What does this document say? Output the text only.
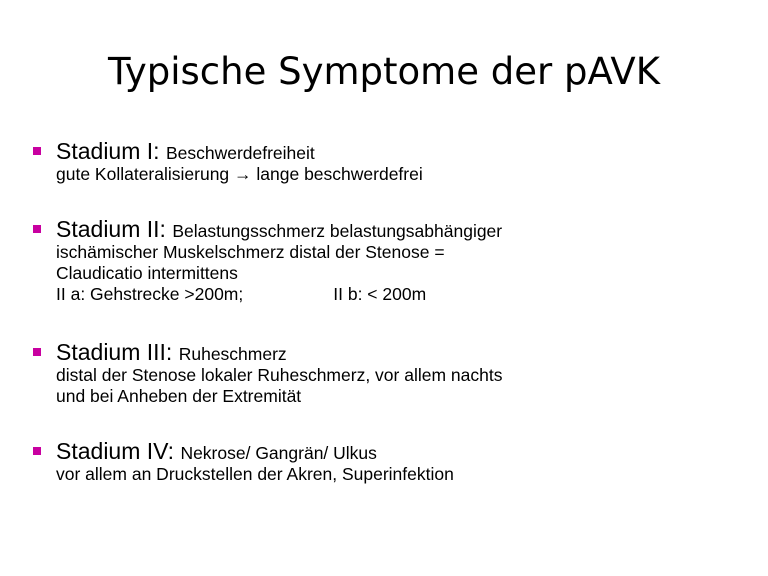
Typische Symptome der pAVK
Stadium I: Beschwerdefreiheit
gute Kollateralisierung → lange beschwerdefrei
Stadium II: Belastungsschmerz belastungsabhängiger
ischämischer Muskelschmerz distal der Stenose =
Claudicatio intermittens
II a: Gehstrecke >200m;	II b: < 200m
Stadium III: Ruheschmerz
distal der Stenose lokaler Ruheschmerz, vor allem nachts
und bei Anheben der Extremität
Stadium IV: Nekrose/ Gangrän/ Ulkus
vor allem an Druckstellen der Akren, Superinfektion
